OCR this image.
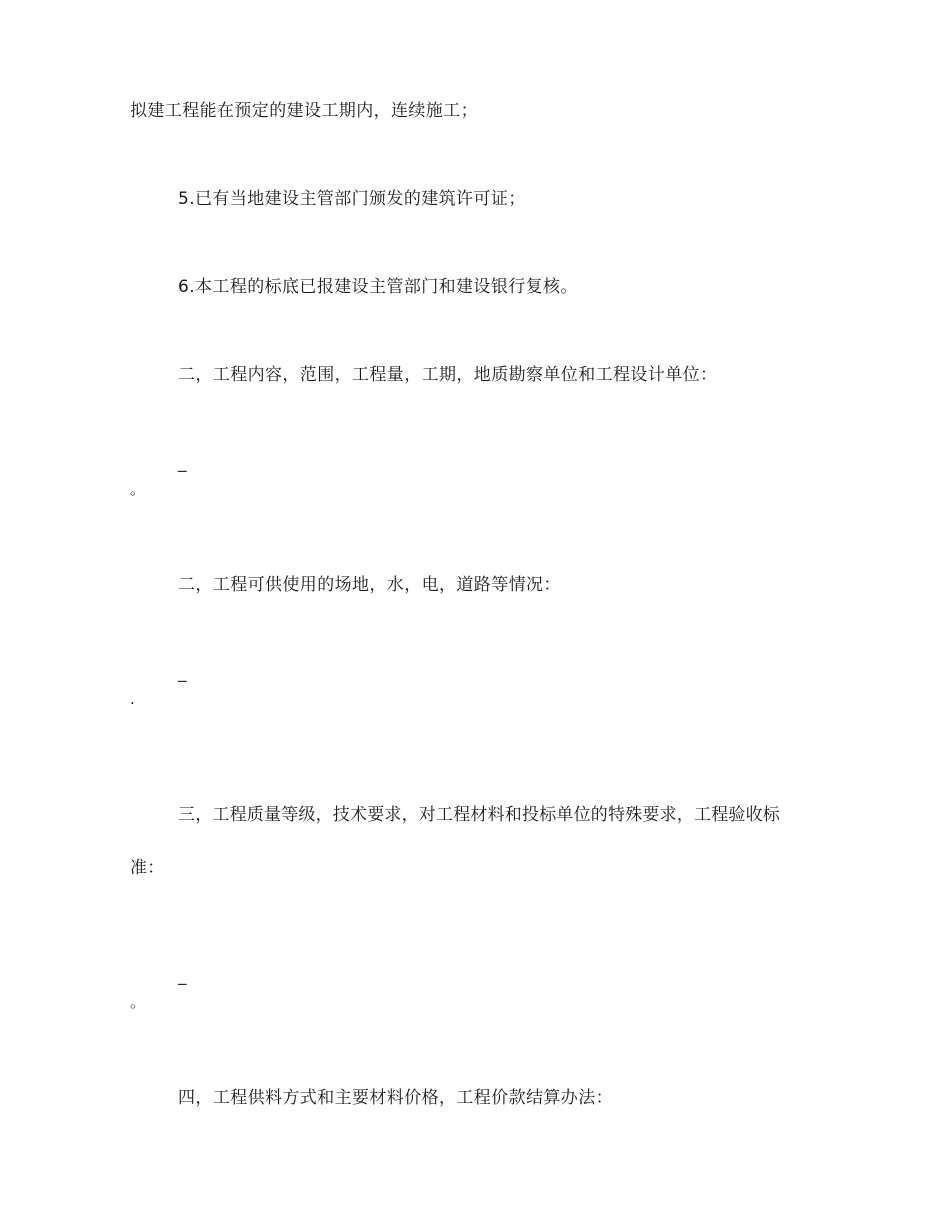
拟建工程能在预定的建设工期内，连续施工；

5.已有当地建设主管部门颁发的建筑许可证；

6.本工程的标底已报建设主管部门和建设银行复核。

二，工程内容，范围，工程量，工期，地质勘察单位和工程设计单位：

_

。

二，工程可供使用的场地，水，电，道路等情况：

_

.

三，工程质量等级，技术要求，对工程材料和投标单位的特殊要求，工程验收标

准：

_

。

四，工程供料方式和主要材料价格，工程价款结算办法：
